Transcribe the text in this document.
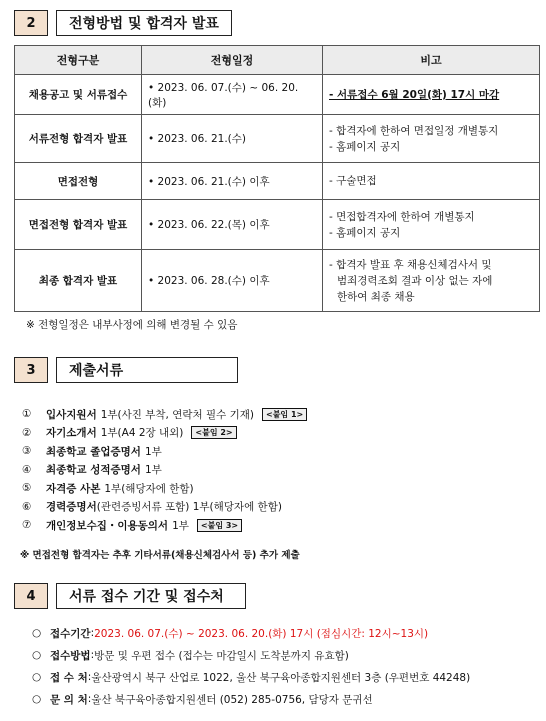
2	전형방법 및 합격자 발표
전형구분	전형일정	비고
채용공고 및 서류접수	• 2023. 06. 07.(수) ~ 06. 20.(화)	- 서류접수 6월 20일(화) 17시 마감
서류전형 합격자 발표	• 2023. 06. 21.(수)	- 합격자에 한하여 면접일정 개별통지
- 홈페이지 공지

면접전형	• 2023. 06. 21.(수) 이후	- 구술면접

면접전형 합격자 발표	• 2023. 06. 22.(목) 이후	- 면접합격자에 한하여 개별통지
- 홈페이지 공지

최종 합격자 발표	• 2023. 06. 28.(수) 이후	- 합격자 발표 후 채용신체검사서 및
범죄경력조회 결과 이상 없는 자에
한하여 최종 채용
※ 전형일정은 내부사정에 의해 변경될 수 있음
3	제출서류
①	입사지원서 1부(사진 부착, 연락처 필수 기재)	<붙임 1>
②	자기소개서 1부(A4 2장 내외)	<붙임 2>
③	최종학교 졸업증명서 1부
④	최종학교 성적증명서 1부
⑤	자격증 사본 1부(해당자에 한함)
⑥	경력증명서 (관련증빙서류 포함) 1부(해당자에 한함)
⑦	개인정보수집・이용동의서 1부	<붙임 3>
※ 면접전형 합격자는 추후 기타서류(채용신체검사서 등) 추가 제출
4	서류 접수 기간 및 접수처
○ 접수기간 : 2023. 06. 07.(수) ~ 2023. 06. 20.(화) 17시 (점심시간: 12시~13시)
○ 접수방법 : 방문 및 우편 접수 (접수는 마감일시 도착분까지 유효함)
○ 접 수 처 : 울산광역시 북구 산업로 1022, 울산 북구육아종합지원센터 3층 (우편번호 44248)
○ 문 의 처 : 울산 북구육아종합지원센터 (052) 285-0756, 담당자 문귀선
